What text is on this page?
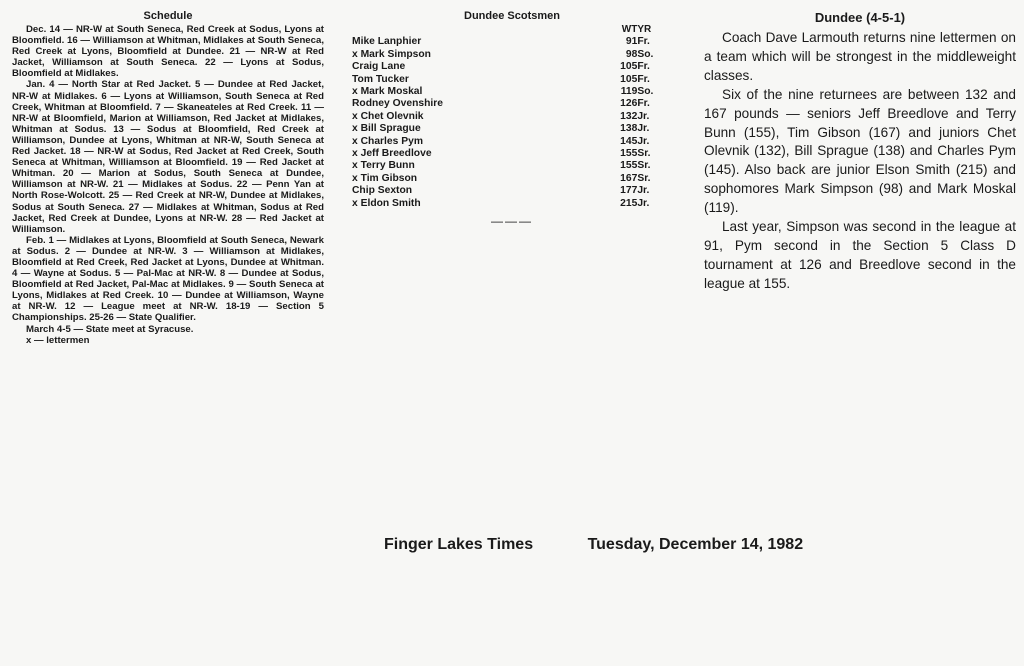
Schedule

Dec. 14 — NR-W at South Seneca, Red Creek at Sodus, Lyons at Bloomfield. 16 — Williamson at Whitman, Midlakes at South Seneca, Red Creek at Lyons, Bloomfield at Dundee. 21 — NR-W at Red Jacket, Williamson at South Seneca. 22 — Lyons at Sodus, Bloomfield at Midlakes.

Jan. 4 — North Star at Red Jacket. 5 — Dundee at Red Jacket, NR-W at Midlakes. 6 — Lyons at Williamson, South Seneca at Red Creek, Whitman at Bloomfield. 7 — Skaneateles at Red Creek. 11 — NR-W at Bloomfield, Marion at Williamson, Red Jacket at Midlakes, Whitman at Sodus. 13 — Sodus at Bloomfield, Red Creek at Williamson, Dundee at Lyons, Whitman at NR-W, South Seneca at Red Jacket. 18 — NR-W at Sodus, Red Jacket at Red Creek, South Seneca at Whitman, Williamson at Bloomfield. 19 — Red Jacket at Whitman. 20 — Marion at Sodus, South Seneca at Dundee, Williamson at NR-W. 21 — Midlakes at Sodus. 22 — Penn Yan at North Rose-Wolcott. 25 — Red Creek at NR-W, Dundee at Midlakes, Sodus at South Seneca. 27 — Midlakes at Whitman, Sodus at Red Jacket, Red Creek at Dundee, Lyons at NR-W. 28 — Red Jacket at Williamson.

Feb. 1 — Midlakes at Lyons, Bloomfield at South Seneca, Newark at Sodus. 2 — Dundee at NR-W. 3 — Williamson at Midlakes, Bloomfield at Red Creek, Red Jacket at Lyons, Dundee at Whitman. 4 — Wayne at Sodus. 5 — Pal-Mac at NR-W. 8 — Dundee at Sodus, Bloomfield at Red Jacket, Pal-Mac at Midlakes. 9 — South Seneca at Lyons, Midlakes at Red Creek. 10 — Dundee at Williamson, Wayne at NR-W. 12 — League meet at NR-W. 18-19 — Section 5 Championships. 25-26 — State Qualifier.

March 4-5 — State meet at Syracuse.

x — lettermen

Dundee Scotsmen
	WT	YR
Mike Lanphier	91	Fr.
x Mark Simpson	98	So.
Craig Lane	105	Fr.
Tom Tucker	105	Fr.
x Mark Moskal	119	So.
Rodney Ovenshire	126	Fr.
x Chet Olevnik	132	Jr.
x Bill Sprague	138	Jr.
x Charles Pym	145	Jr.
x Jeff Breedlove	155	Sr.
x Terry Bunn	155	Sr.
x Tim Gibson	167	Sr.
Chip Sexton	177	Jr.
x Eldon Smith	215	Jr.
———
Dundee (4-5-1)

Coach Dave Larmouth returns nine lettermen on a team which will be strongest in the middleweight classes.

Six of the nine returnees are between 132 and 167 pounds — seniors Jeff Breedlove and Terry Bunn (155), Tim Gibson (167) and juniors Chet Olevnik (132), Bill Sprague (138) and Charles Pym (145). Also back are junior Elson Smith (215) and sophomores Mark Simpson (98) and Mark Moskal (119).

Last year, Simpson was second in the league at 91, Pym second in the Section 5 Class D tournament at 126 and Breedlove second in the league at 155.

Finger Lakes Times	Tuesday, December 14, 1982
